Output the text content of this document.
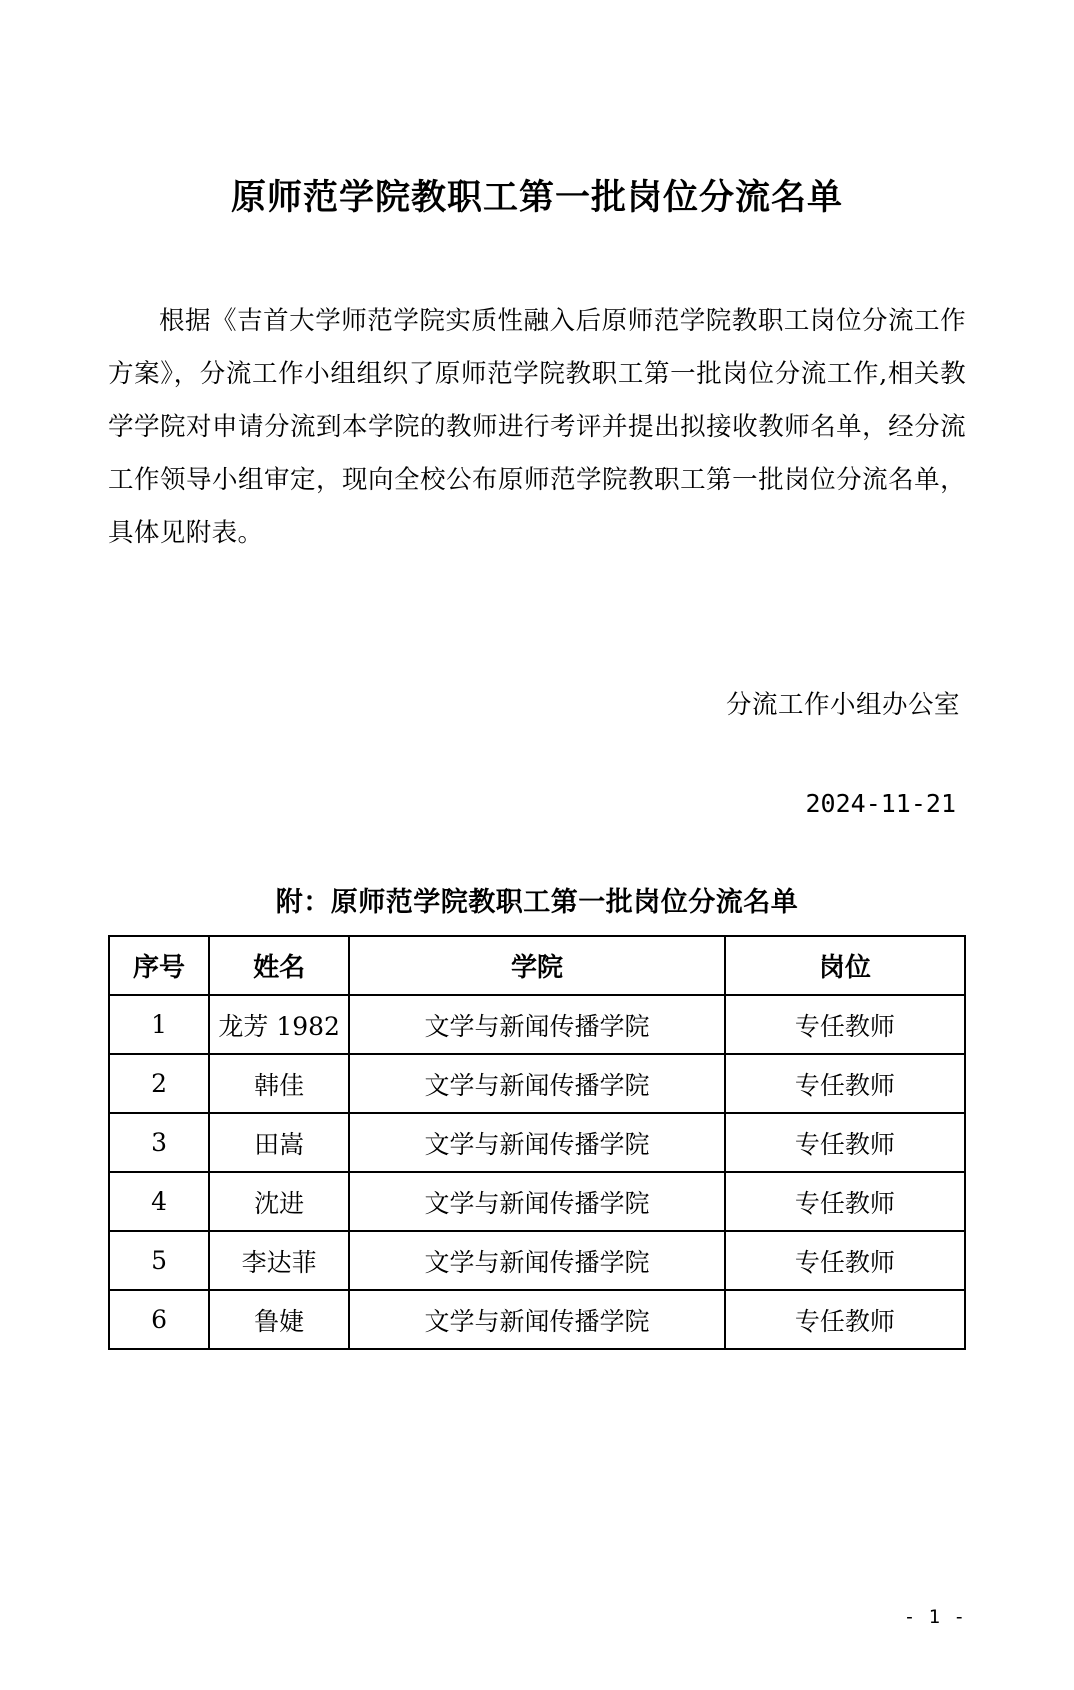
原师范学院教职工第一批岗位分流名单

根据《吉首大学师范学院实质性融入后原师范学院教职工岗位分流工作方案》，分流工作小组组织了原师范学院教职工第一批岗位分流工作,相关教学学院对申请分流到本学院的教师进行考评并提出拟接收教师名单，经分流工作领导小组审定，现向全校公布原师范学院教职工第一批岗位分流名单，具体见附表。

分流工作小组办公室
2024-11-21
附：原师范学院教职工第一批岗位分流名单
序号	姓名	学院	岗位
1	龙芳 1982	文学与新闻传播学院	专任教师
2	韩佳	文学与新闻传播学院	专任教师
3	田嵩	文学与新闻传播学院	专任教师
4	沈进	文学与新闻传播学院	专任教师
5	李达菲	文学与新闻传播学院	专任教师
6	鲁婕	文学与新闻传播学院	专任教师
- 1 -
